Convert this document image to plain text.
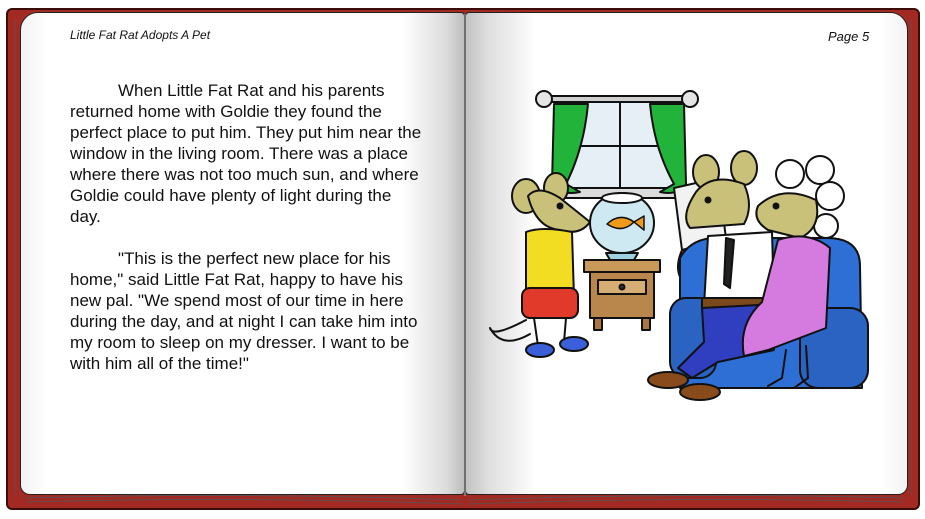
Little Fat Rat Adopts A Pet	Page 5

When Little Fat Rat and his parents returned home with Goldie they found the perfect place to put him. They put him near the window in the living room. There was a place where there was not too much sun, and where Goldie could have plenty of light during the day.

"This is the perfect new place for his home," said Little Fat Rat, happy to have his new pal. "We spend most of our time in here during the day, and at night I can take him into my room to sleep on my dresser. I want to be with him all of the time!"
